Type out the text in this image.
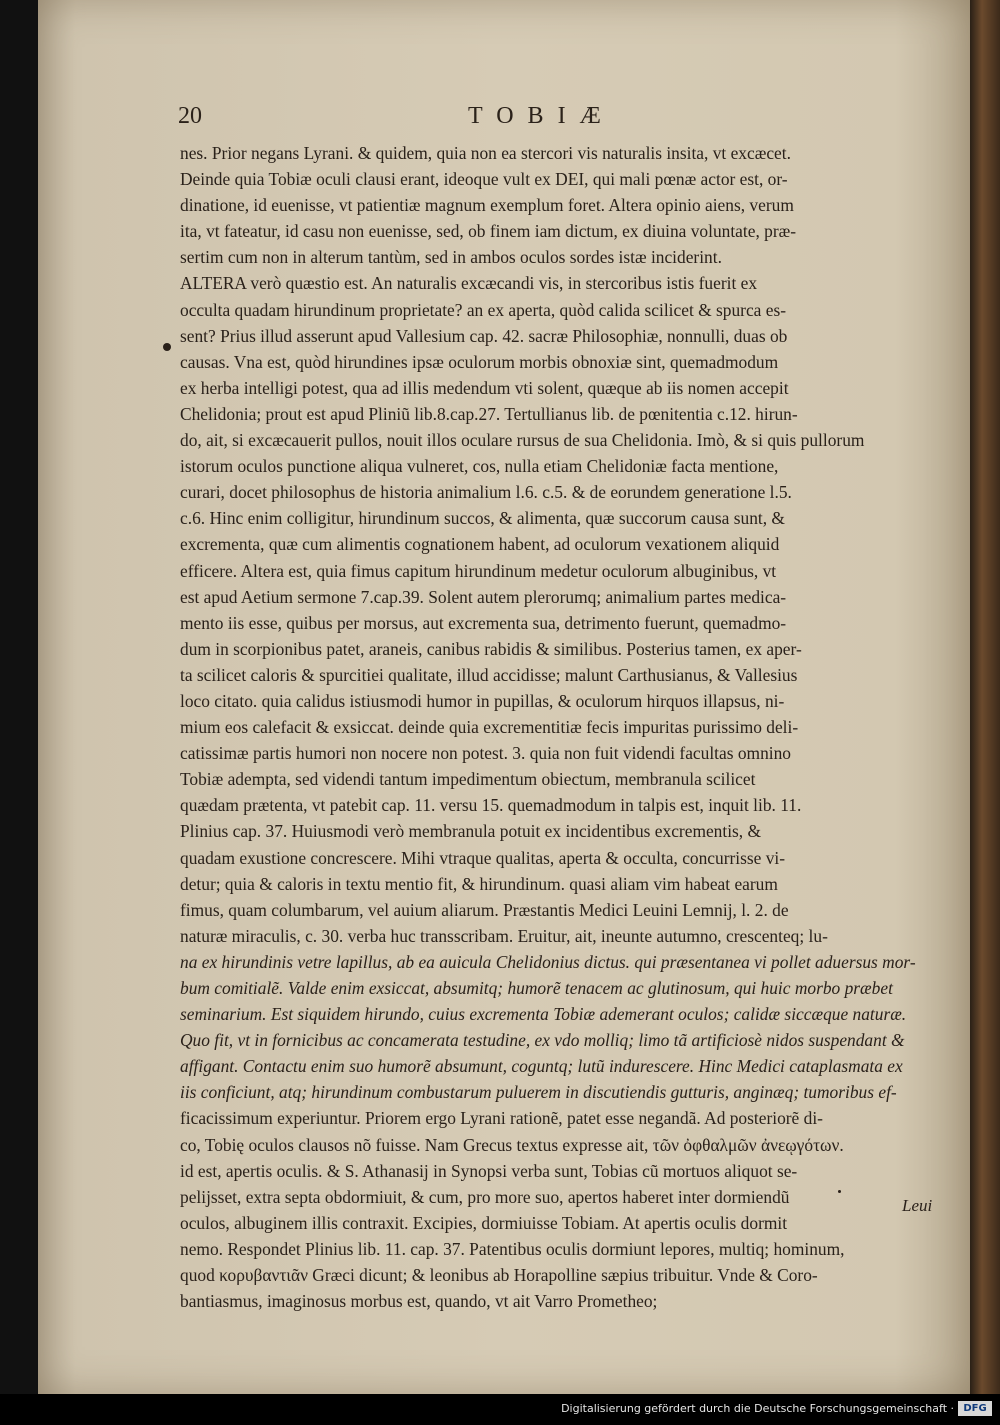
20	TOBIÆ
nes. Prior negans Lyrani. & quidem, quia non ea stercori vis naturalis insita, vt excæcet.
Deinde quia Tobiæ oculi clausi erant, ideoque vult ex DEI, qui mali pœnæ actor est, or-
dinatione, id euenisse, vt patientiæ magnum exemplum foret. Altera opinio aiens, verum
ita, vt fateatur, id casu non euenisse, sed, ob finem iam dictum, ex diuina voluntate, præ-
sertim cum non in alterum tantùm, sed in ambos oculos sordes istæ inciderint.
ALTERA verò quæstio est. An naturalis excæcandi vis, in stercoribus istis fuerit ex
occulta quadam hirundinum proprietate? an ex aperta, quòd calida scilicet & spurca es-
sent? Prius illud asserunt apud Vallesium cap. 42. sacræ Philosophiæ, nonnulli, duas ob
causas. Vna est, quòd hirundines ipsæ oculorum morbis obnoxiæ sint, quemadmodum
ex herba intelligi potest, qua ad illis medendum vti solent, quæque ab iis nomen accepit
Chelidonia; prout est apud Pliniũ lib.8.cap.27. Tertullianus lib. de pœnitentia c.12. hirun-
do, ait, si excæcauerit pullos, nouit illos oculare rursus de sua Chelidonia. Imò, & si quis pullorum
istorum oculos punctione aliqua vulneret, cos, nulla etiam Chelidoniæ facta mentione,
curari, docet philosophus de historia animalium l.6. c.5. & de eorundem generatione l.5.
c.6. Hinc enim colligitur, hirundinum succos, & alimenta, quæ succorum causa sunt, &
excrementa, quæ cum alimentis cognationem habent, ad oculorum vexationem aliquid
efficere. Altera est, quia fimus capitum hirundinum medetur oculorum albuginibus, vt
est apud Aetium sermone 7.cap.39. Solent autem plerorumq; animalium partes medica-
mento iis esse, quibus per morsus, aut excrementa sua, detrimento fuerunt, quemadmo-
dum in scorpionibus patet, araneis, canibus rabidis & similibus. Posterius tamen, ex aper-
ta scilicet caloris & spurcitiei qualitate, illud accidisse; malunt Carthusianus, & Vallesius
loco citato. quia calidus istiusmodi humor in pupillas, & oculorum hirquos illapsus, ni-
mium eos calefacit & exsiccat. deinde quia excrementitiæ fecis impuritas purissimo deli-
catissimæ partis humori non nocere non potest. 3. quia non fuit videndi facultas omnino
Tobiæ adempta, sed videndi tantum impedimentum obiectum, membranula scilicet
quædam prætenta, vt patebit cap. 11. versu 15. quemadmodum in talpis est, inquit lib. 11.
Plinius cap. 37. Huiusmodi verò membranula potuit ex incidentibus excrementis, &
quadam exustione concrescere. Mihi vtraque qualitas, aperta & occulta, concurrisse vi-
detur; quia & caloris in textu mentio fit, & hirundinum. quasi aliam vim habeat earum
fimus, quam columbarum, vel auium aliarum. Præstantis Medici Leuini Lemnij, l. 2. de
naturæ miraculis, c. 30. verba huc transscribam. Eruitur, ait, ineunte autumno, crescenteq; lu-
na ex hirundinis vetre lapillus, ab ea auicula Chelidonius dictus. qui præsentanea vi pollet aduersus mor-
bum comitialẽ. Valde enim exsiccat, absumitq; humorẽ tenacem ac glutinosum, qui huic morbo præbet
seminarium. Est siquidem hirundo, cuius excrementa Tobiæ ademerant oculos; calidæ siccæque naturæ.
Quo fit, vt in fornicibus ac concamerata testudine, ex vdo molliq; limo tã artificiosè nidos suspendant &
affigant. Contactu enim suo humorẽ absumunt, coguntq; lutũ indurescere. Hinc Medici cataplasmata ex
iis conficiunt, atq; hirundinum combustarum puluerem in discutiendis gutturis, anginæq; tumoribus ef-
ficacissimum experiuntur. Priorem ergo Lyrani rationẽ, patet esse negandã. Ad posteriorẽ di-
co, Tobię oculos clausos nõ fuisse. Nam Grecus textus expresse ait, τῶν ὀφθαλμῶν ἀνεῳγότων.
id est, apertis oculis. & S. Athanasij in Synopsi verba sunt, Tobias cũ mortuos aliquot se-
pelijsset, extra septa obdormiuit, & cum, pro more suo, apertos haberet inter dormiendũ
oculos, albuginem illis contraxit. Excipies, dormiuisse Tobiam. At apertis oculis dormit
nemo. Respondet Plinius lib. 11. cap. 37. Patentibus oculis dormiunt lepores, multiq; hominum,
quod κορυβαντιᾶν Græci dicunt; & leonibus ab Horapolline sæpius tribuitur. Vnde & Coro-
bantiasmus, imaginosus morbus est, quando, vt ait Varro Prometheo;
Leui
Digitalisierung gefördert durch die Deutsche Forschungsgemeinschaft · DFG
